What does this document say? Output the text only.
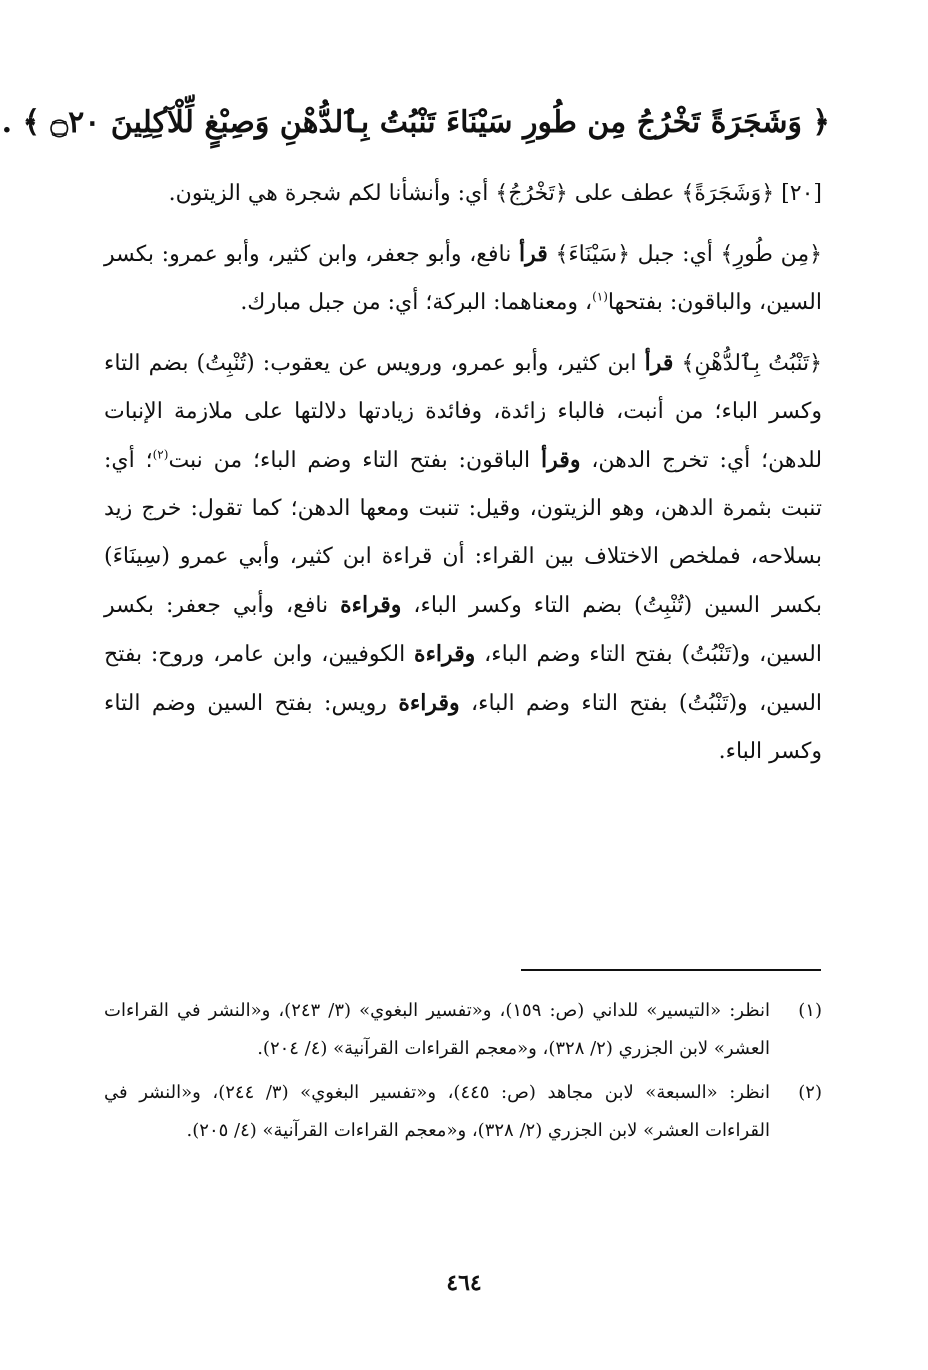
﴿ وَشَجَرَةً تَخْرُجُ مِن طُورِ سَيْنَاءَ تَنْبُتُ بِٱلدُّهْنِ وَصِبْغٍ لِّلْآكِلِينَ ۝٢٠ ﴾ .

[٢٠] ﴿وَشَجَرَةً﴾ عطف على ﴿تَخْرُجُ﴾ أي: وأنشأنا لكم شجرة هي الزيتون.

﴿مِن طُورِ﴾ أي: جبل ﴿سَيْنَاءَ﴾ قرأ نافع، وأبو جعفر، وابن كثير، وأبو عمرو: بكسر السين، والباقون: بفتحها$^{(١)}$، ومعناهما: البركة؛ أي: من جبل مبارك.

﴿تَنْبُتُ بِٱلدُّهْنِ﴾ قرأ ابن كثير، وأبو عمرو، ورويس عن يعقوب: (تُنْبِتُ) بضم التاء وكسر الباء؛ من أنبت، فالباء زائدة، وفائدة زيادتها دلالتها على ملازمة الإنبات للدهن؛ أي: تخرج الدهن، وقرأ الباقون: بفتح التاء وضم الباء؛ من نبت$^{(٢)}$؛ أي: تنبت بثمرة الدهن، وهو الزيتون، وقيل: تنبت ومعها الدهن؛ كما تقول: خرج زيد بسلاحه، فملخص الاختلاف بين القراء: أن قراءة ابن كثير، وأبي عمرو (سِينَاءَ) بكسر السين (تُنْبِتُ) بضم التاء وكسر الباء، وقراءة نافع، وأبي جعفر: بكسر السين، و(تَنْبُتُ) بفتح التاء وضم الباء، وقراءة الكوفيين، وابن عامر، وروح: بفتح السين، و(تَنْبُتُ) بفتح التاء وضم الباء، وقراءة رويس: بفتح السين وضم التاء وكسر الباء.

(١)
انظر: «التيسير» للداني (ص: ١٥٩)، و«تفسير البغوي» (٣/ ٢٤٣)، و«النشر في القراءات العشر» لابن الجزري (٢/ ٣٢٨)، و«معجم القراءات القرآنية» (٤/ ٢٠٤).
(٢)
انظر: «السبعة» لابن مجاهد (ص: ٤٤٥)، و«تفسير البغوي» (٣/ ٢٤٤)، و«النشر في القراءات العشر» لابن الجزري (٢/ ٣٢٨)، و«معجم القراءات القرآنية» (٤/ ٢٠٥).
٤٦٤
